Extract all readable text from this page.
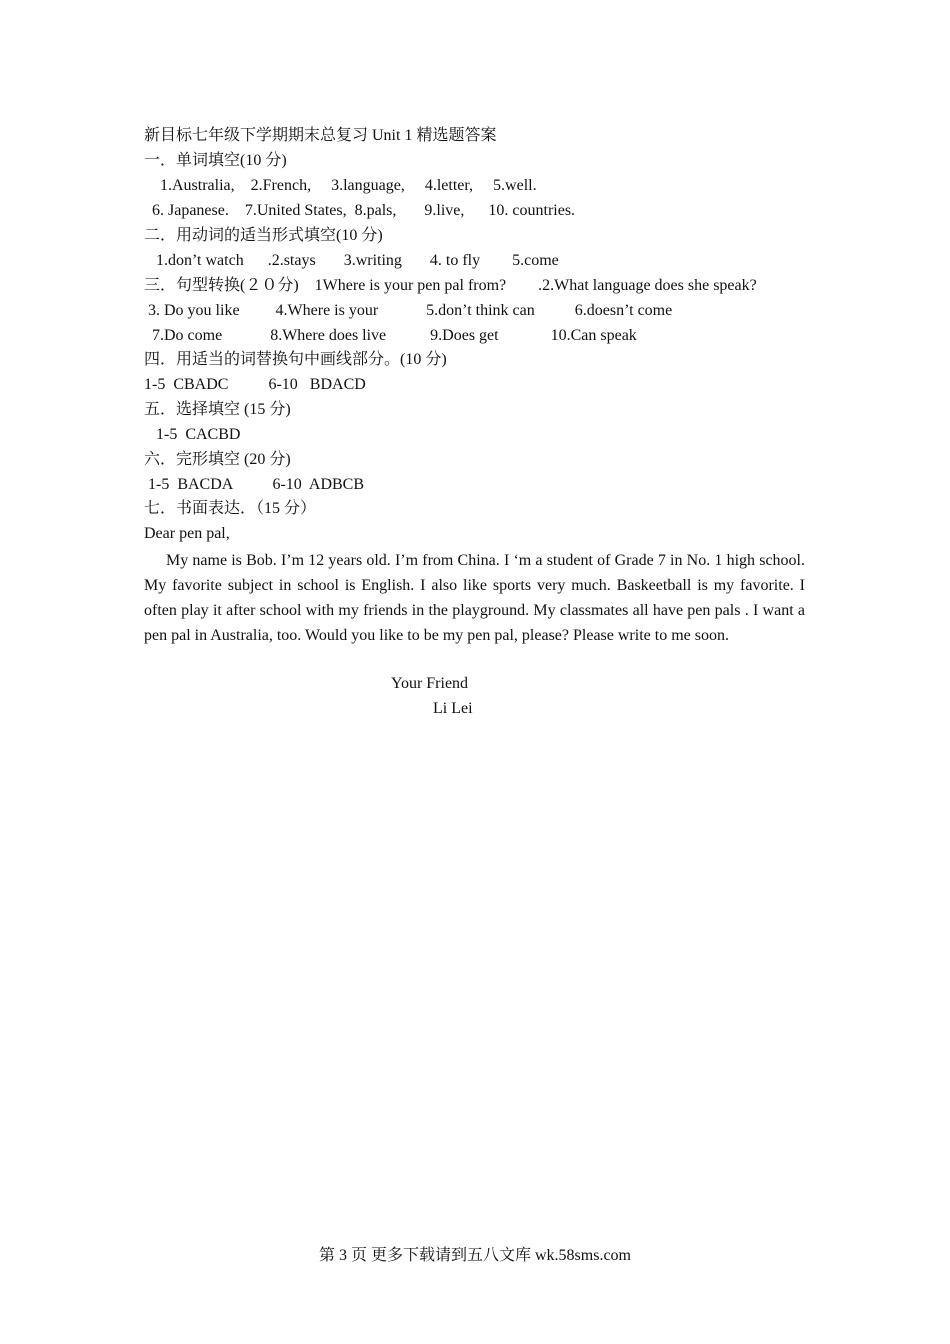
新目标七年级下学期期末总复习 Unit 1 精选题答案
一．单词填空(10 分)
1.Australia,    2.French,     3.language,     4.letter,     5.well.
6. Japanese.    7.United States,  8.pals,       9.live,      10. countries.
二．用动词的适当形式填空(10 分)
1.don’t watch      .2.stays       3.writing       4. to fly        5.come
三．句型转换(２０分)    1Where is your pen pal from?        .2.What language does she speak?
3. Do you like         4.Where is your            5.don’t think can          6.doesn’t come
7.Do come            8.Where does live           9.Does get             10.Can speak
四．用适当的词替换句中画线部分。(10 分)
1-5  CBADC          6-10   BDACD
五．选择填空 (15 分)
1-5  CACBD
六．完形填空 (20 分)
1-5  BACDA          6-10  ADBCB
七．书面表达．（15 分）
Dear pen pal,
My name is Bob. I’m 12 years old. I’m from China. I ‘m a student of Grade 7 in No. 1 high school. My favorite subject in school is English. I also like sports very much. Baskeetball is my favorite. I often play it after school with my friends in the playground. My classmates all have pen pals . I want a pen pal in Australia, too. Would you like to be my pen pal, please? Please write to me soon.
Your Friend
Li Lei
第 3 页 更多下载请到五八文库 wk.58sms.com
